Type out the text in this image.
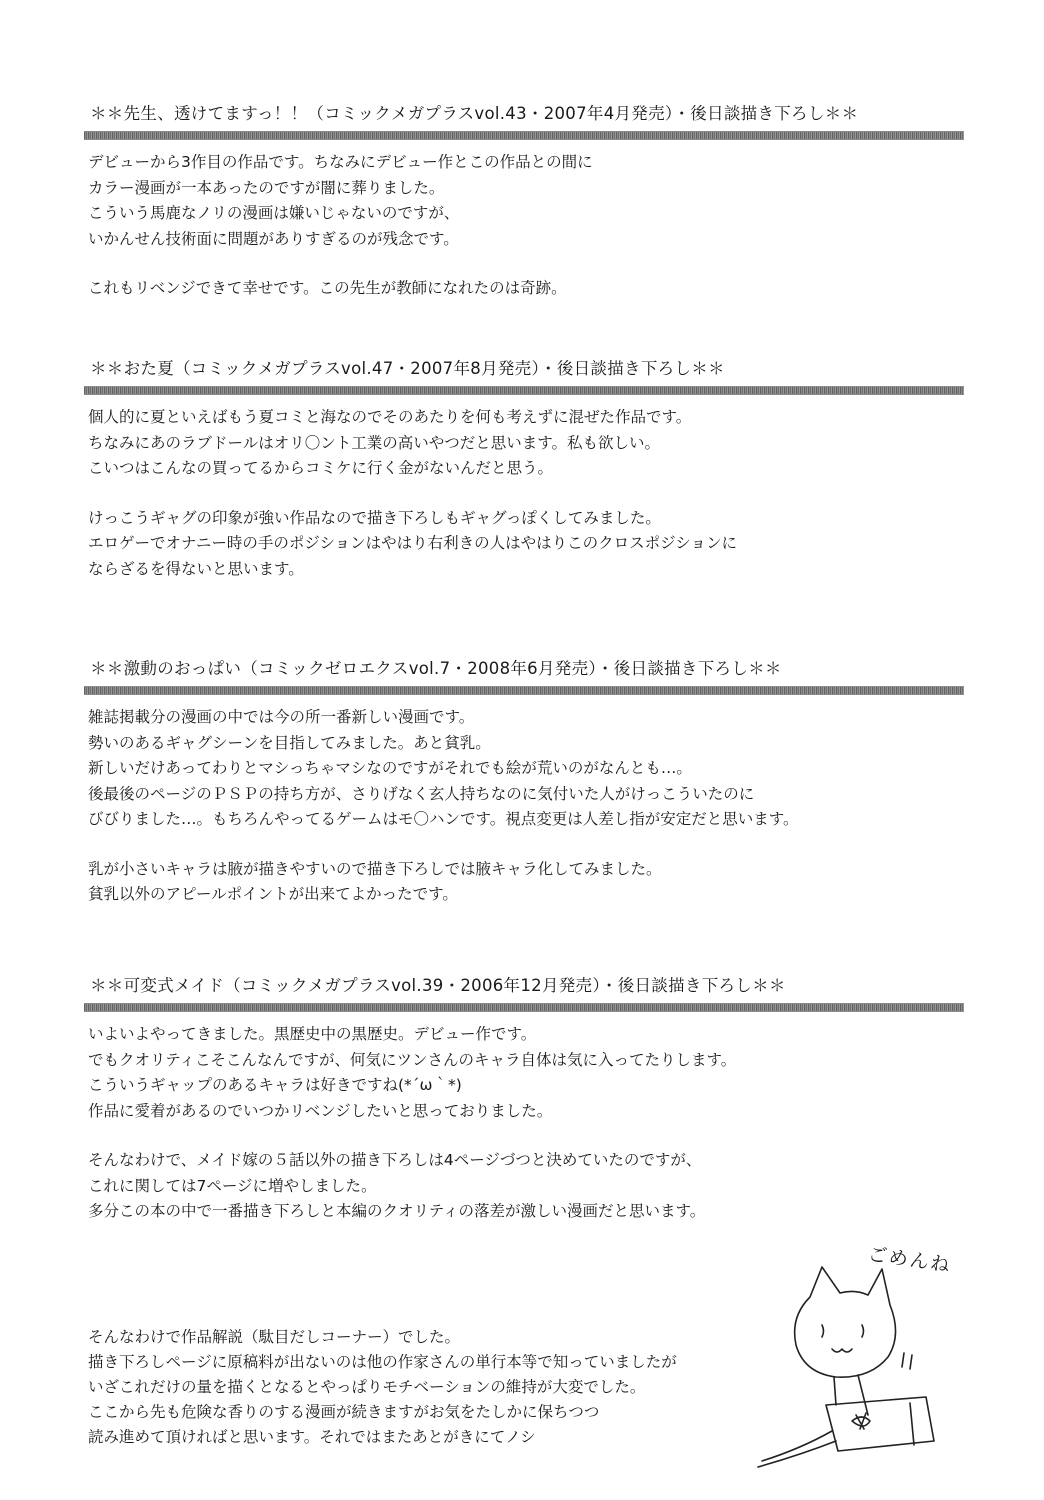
＊＊先生、透けてますっ！！（コミックメガプラスvol.43・2007年4月発売）・後日談描き下ろし＊＊
デビューから3作目の作品です。ちなみにデビュー作とこの作品との間に
カラー漫画が一本あったのですが闇に葬りました。
こういう馬鹿なノリの漫画は嫌いじゃないのですが、
いかんせん技術面に問題がありすぎるのが残念です。
これもリベンジできて幸せです。この先生が教師になれたのは奇跡。
＊＊おた夏（コミックメガプラスvol.47・2007年8月発売）・後日談描き下ろし＊＊
個人的に夏といえばもう夏コミと海なのでそのあたりを何も考えずに混ぜた作品です。
ちなみにあのラブドールはオリ〇ント工業の高いやつだと思います。私も欲しい。
こいつはこんなの買ってるからコミケに行く金がないんだと思う。
けっこうギャグの印象が強い作品なので描き下ろしもギャグっぽくしてみました。
エロゲーでオナニー時の手のポジションはやはり右利きの人はやはりこのクロスポジションに
ならざるを得ないと思います。
＊＊激動のおっぱい（コミックゼロエクスvol.7・2008年6月発売）・後日談描き下ろし＊＊
雑誌掲載分の漫画の中では今の所一番新しい漫画です。
勢いのあるギャグシーンを目指してみました。あと貧乳。
新しいだけあってわりとマシっちゃマシなのですがそれでも絵が荒いのがなんとも…。
後最後のページのＰＳＰの持ち方が、さりげなく玄人持ちなのに気付いた人がけっこういたのに
びびりました…。もちろんやってるゲームはモ〇ハンです。視点変更は人差し指が安定だと思います。
乳が小さいキャラは腋が描きやすいので描き下ろしでは腋キャラ化してみました。
貧乳以外のアピールポイントが出来てよかったです。
＊＊可変式メイド（コミックメガプラスvol.39・2006年12月発売）・後日談描き下ろし＊＊
いよいよやってきました。黒歴史中の黒歴史。デビュー作です。
でもクオリティこそこんなんですが、何気にツンさんのキャラ自体は気に入ってたりします。
こういうギャップのあるキャラは好きですね(*´ω｀*)
作品に愛着があるのでいつかリベンジしたいと思っておりました。
そんなわけで、メイド嫁の５話以外の描き下ろしは4ページづつと決めていたのですが、
これに関しては7ページに増やしました。
多分この本の中で一番描き下ろしと本編のクオリティの落差が激しい漫画だと思います。
そんなわけで作品解説（駄目だしコーナー）でした。
描き下ろしページに原稿料が出ないのは他の作家さんの単行本等で知っていましたが
いざこれだけの量を描くとなるとやっぱりモチベーションの維持が大変でした。
ここから先も危険な香りのする漫画が続きますがお気をたしかに保ちつつ
読み進めて頂ければと思います。それではまたあとがきにてノシ
ごめんね
